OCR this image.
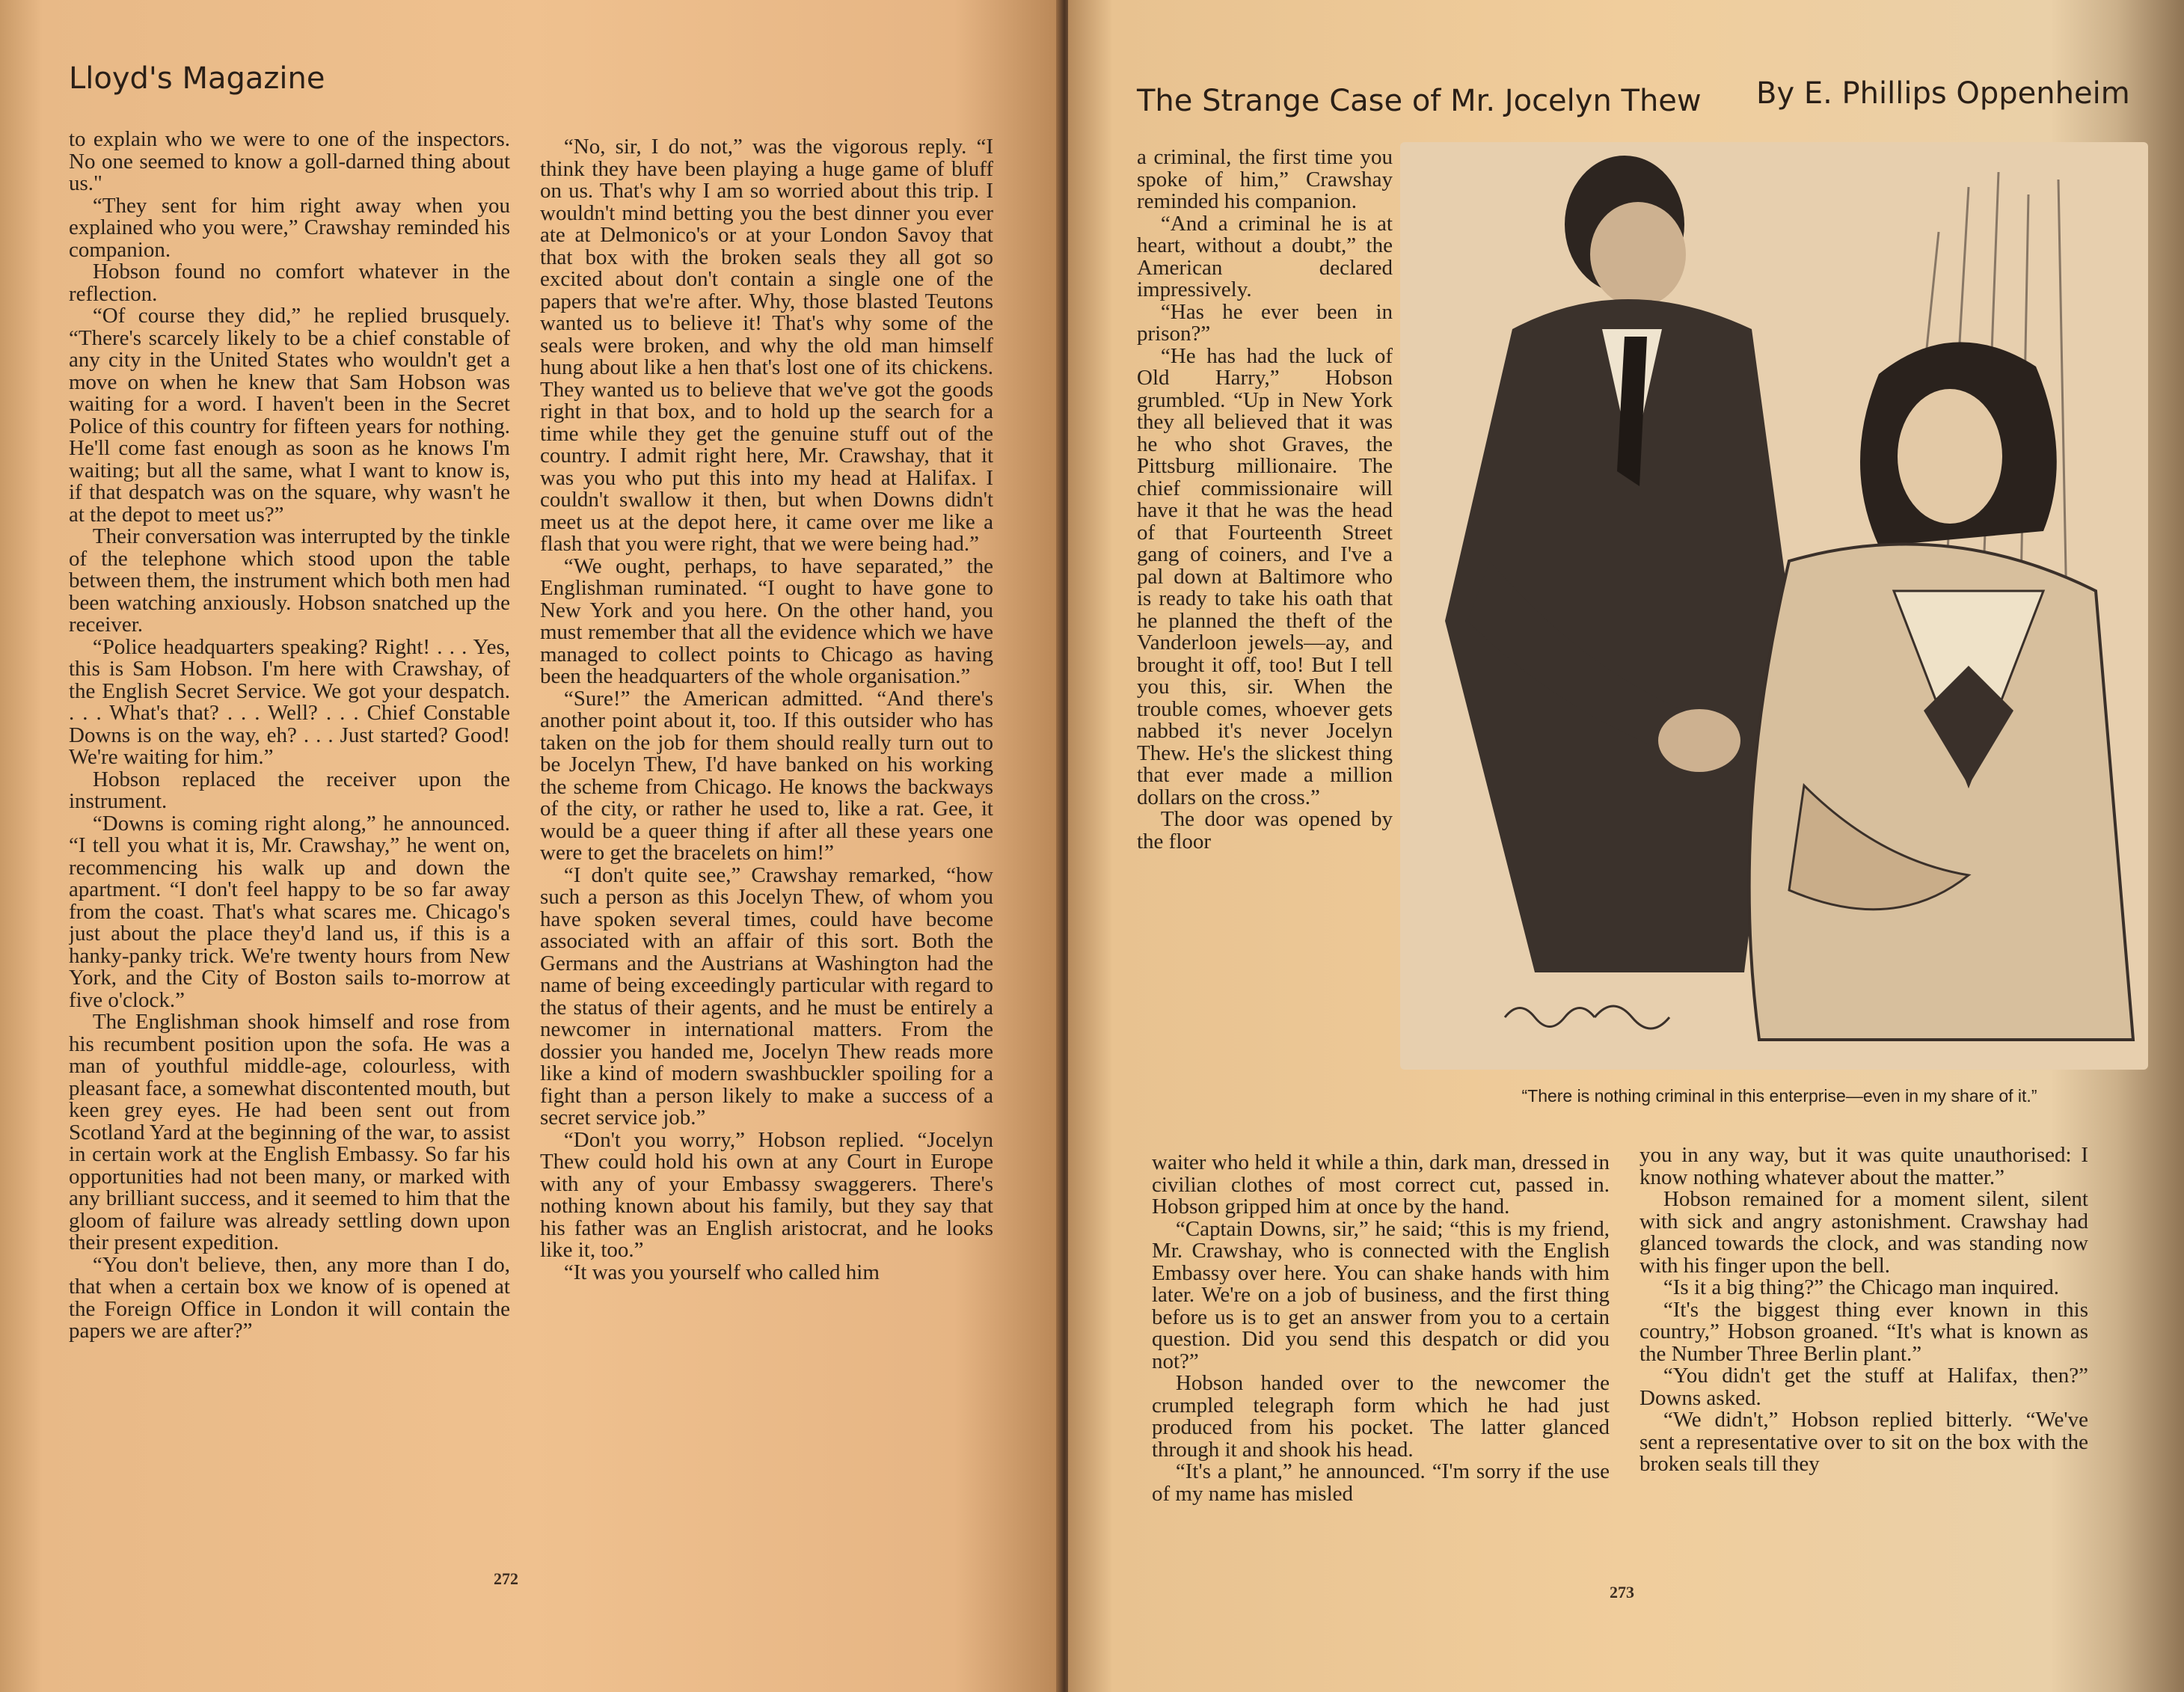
Lloyd's Magazine

to explain who we were to one of the inspectors. No one seemed to know a goll-darned thing about us."

“They sent for him right away when you explained who you were,” Crawshay reminded his companion.

Hobson found no comfort whatever in the reflection.

“Of course they did,” he replied brusquely. “There's scarcely likely to be a chief constable of any city in the United States who wouldn't get a move on when he knew that Sam Hobson was waiting for a word. I haven't been in the Secret Police of this country for fifteen years for nothing. He'll come fast enough as soon as he knows I'm waiting; but all the same, what I want to know is, if that despatch was on the square, why wasn't he at the depot to meet us?”

Their conversation was interrupted by the tinkle of the telephone which stood upon the table between them, the instrument which both men had been watching anxiously. Hobson snatched up the receiver.

“Police headquarters speaking? Right! . . . Yes, this is Sam Hobson. I'm here with Crawshay, of the English Secret Service. We got your despatch. . . . What's that? . . . Well? . . . Chief Constable Downs is on the way, eh? . . . Just started? Good! We're waiting for him.”

Hobson replaced the receiver upon the instrument.

“Downs is coming right along,” he announced. “I tell you what it is, Mr. Crawshay,” he went on, recommencing his walk up and down the apartment. “I don't feel happy to be so far away from the coast. That's what scares me. Chicago's just about the place they'd land us, if this is a hanky-panky trick. We're twenty hours from New York, and the City of Boston sails to-morrow at five o'clock.”

The Englishman shook himself and rose from his recumbent position upon the sofa. He was a man of youthful middle-age, colourless, with pleasant face, a somewhat discontented mouth, but keen grey eyes. He had been sent out from Scotland Yard at the beginning of the war, to assist in certain work at the English Embassy. So far his opportunities had not been many, or marked with any brilliant success, and it seemed to him that the gloom of failure was already settling down upon their present expedition.

“You don't believe, then, any more than I do, that when a certain box we know of is opened at the Foreign Office in London it will contain the papers we are after?”

“No, sir, I do not,” was the vigorous reply. “I think they have been playing a huge game of bluff on us. That's why I am so worried about this trip. I wouldn't mind betting you the best dinner you ever ate at Delmonico's or at your London Savoy that that box with the broken seals they all got so excited about don't contain a single one of the papers that we're after. Why, those blasted Teutons wanted us to believe it! That's why some of the seals were broken, and why the old man himself hung about like a hen that's lost one of its chickens. They wanted us to believe that we've got the goods right in that box, and to hold up the search for a time while they get the genuine stuff out of the country. I admit right here, Mr. Crawshay, that it was you who put this into my head at Halifax. I couldn't swallow it then, but when Downs didn't meet us at the depot here, it came over me like a flash that you were right, that we were being had.”

“We ought, perhaps, to have separated,” the Englishman ruminated. “I ought to have gone to New York and you here. On the other hand, you must remember that all the evidence which we have managed to collect points to Chicago as having been the headquarters of the whole organisation.”

“Sure!” the American admitted. “And there's another point about it, too. If this outsider who has taken on the job for them should really turn out to be Jocelyn Thew, I'd have banked on his working the scheme from Chicago. He knows the backways of the city, or rather he used to, like a rat. Gee, it would be a queer thing if after all these years one were to get the bracelets on him!”

“I don't quite see,” Crawshay remarked, “how such a person as this Jocelyn Thew, of whom you have spoken several times, could have become associated with an affair of this sort. Both the Germans and the Austrians at Washington had the name of being exceedingly particular with regard to the status of their agents, and he must be entirely a newcomer in international matters. From the dossier you handed me, Jocelyn Thew reads more like a kind of modern swashbuckler spoiling for a fight than a person likely to make a success of a secret service job.”

“Don't you worry,” Hobson replied. “Jocelyn Thew could hold his own at any Court in Europe with any of your Embassy swaggerers. There's nothing known about his family, but they say that his father was an English aristocrat, and he looks like it, too.”

“It was you yourself who called him

272

The Strange Case of Mr. Jocelyn Thew By E. Phillips Oppenheim

a criminal, the first time you spoke of him,” Crawshay reminded his companion.

“And a criminal he is at heart, without a doubt,” the American declared impressively.

“Has he ever been in prison?”

“He has had the luck of Old Harry,” Hobson grumbled. “Up in New York they all believed that it was he who shot Graves, the Pittsburg millionaire. The chief commissionaire will have it that he was the head of that Fourteenth Street gang of coiners, and I've a pal down at Baltimore who is ready to take his oath that he planned the theft of the Vanderloon jewels—ay, and brought it off, too! But I tell you this, sir. When the trouble comes, whoever gets nabbed it's never Jocelyn Thew. He's the slickest thing that ever made a million dollars on the cross.”

The door was opened by the floor

“There is nothing criminal in this enterprise—even in my share of it.”

waiter who held it while a thin, dark man, dressed in civilian clothes of most correct cut, passed in. Hobson gripped him at once by the hand.

“Captain Downs, sir,” he said; “this is my friend, Mr. Crawshay, who is connected with the English Embassy over here. You can shake hands with him later. We're on a job of business, and the first thing before us is to get an answer from you to a certain question. Did you send this despatch or did you not?”

Hobson handed over to the newcomer the crumpled telegraph form which he had just produced from his pocket. The latter glanced through it and shook his head.

“It's a plant,” he announced. “I'm sorry if the use of my name has misled

you in any way, but it was quite unauthorised: I know nothing whatever about the matter.”

Hobson remained for a moment silent, silent with sick and angry astonishment. Crawshay had glanced towards the clock, and was standing now with his finger upon the bell.

“Is it a big thing?” the Chicago man inquired.

“It's the biggest thing ever known in this country,” Hobson groaned. “It's what is known as the Number Three Berlin plant.”

“You didn't get the stuff at Halifax, then?” Downs asked.

“We didn't,” Hobson replied bitterly. “We've sent a representative over to sit on the box with the broken seals till they

273
